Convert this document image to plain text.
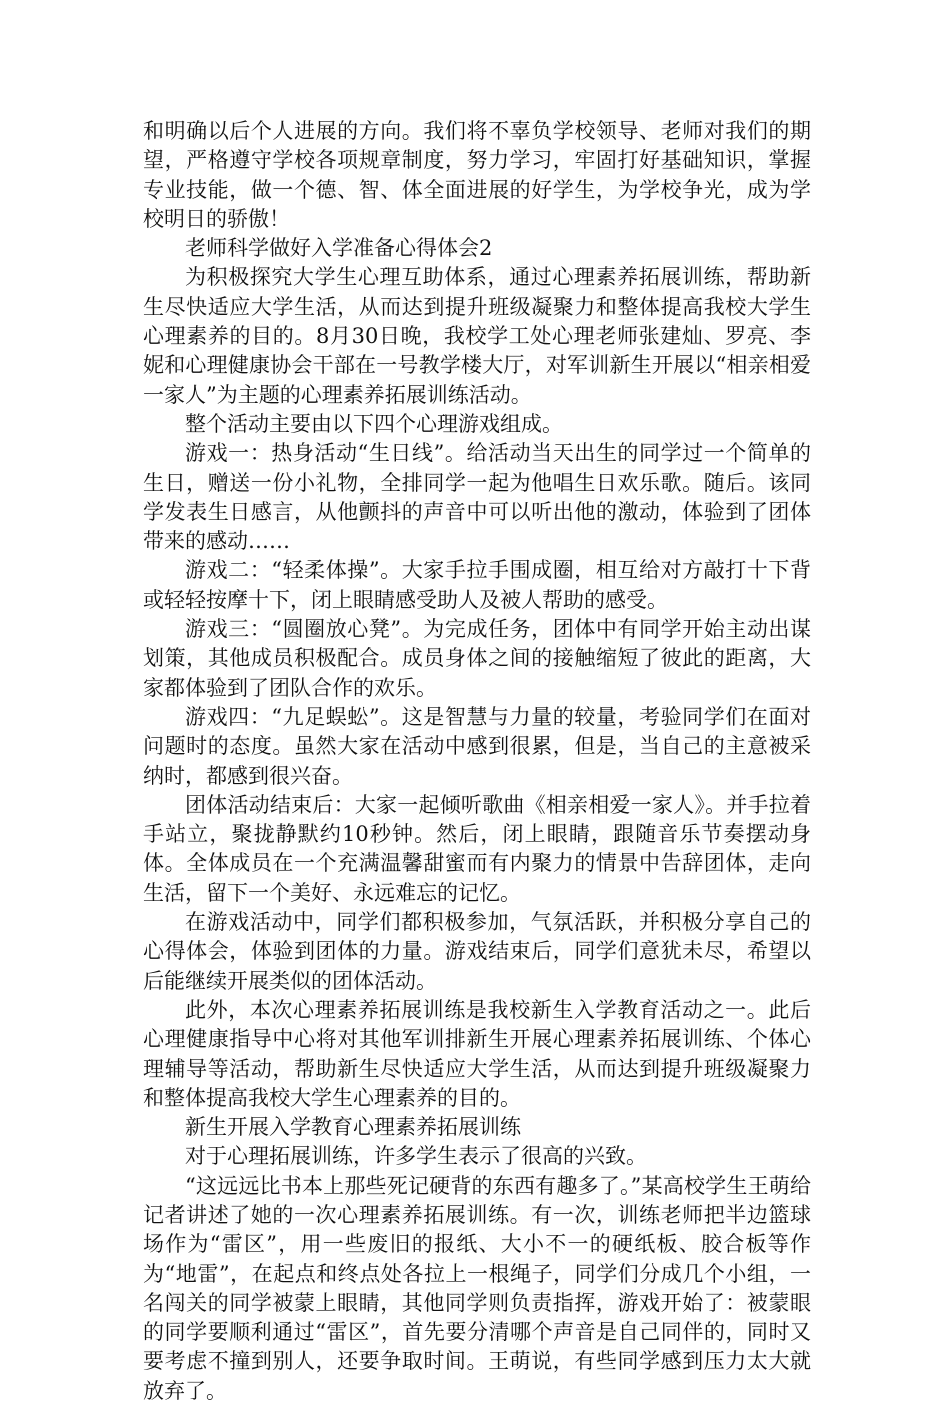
和明确以后个人进展的方向。我们将不辜负学校领导、老师对我们的期望，严格遵守学校各项规章制度，努力学习，牢固打好基础知识，掌握专业技能，做一个德、智、体全面进展的好学生，为学校争光，成为学校明日的骄傲！

老师科学做好入学准备心得体会2

为积极探究大学生心理互助体系，通过心理素养拓展训练，帮助新生尽快适应大学生活，从而达到提升班级凝聚力和整体提高我校大学生心理素养的目的。8月30日晚，我校学工处心理老师张建灿、罗亮、李妮和心理健康协会干部在一号教学楼大厅，对军训新生开展以“相亲相爱一家人”为主题的心理素养拓展训练活动。

整个活动主要由以下四个心理游戏组成。

游戏一：热身活动“生日线”。给活动当天出生的同学过一个简单的生日，赠送一份小礼物，全排同学一起为他唱生日欢乐歌。随后。该同学发表生日感言，从他颤抖的声音中可以听出他的激动，体验到了团体带来的感动……

游戏二：“轻柔体操”。大家手拉手围成圈，相互给对方敲打十下背或轻轻按摩十下，闭上眼睛感受助人及被人帮助的感受。

游戏三：“圆圈放心凳”。为完成任务，团体中有同学开始主动出谋划策，其他成员积极配合。成员身体之间的接触缩短了彼此的距离，大家都体验到了团队合作的欢乐。

游戏四：“九足蜈蚣”。这是智慧与力量的较量，考验同学们在面对问题时的态度。虽然大家在活动中感到很累，但是，当自己的主意被采纳时，都感到很兴奋。

团体活动结束后：大家一起倾听歌曲《相亲相爱一家人》。并手拉着手站立，聚拢静默约10秒钟。然后，闭上眼睛，跟随音乐节奏摆动身体。全体成员在一个充满温馨甜蜜而有内聚力的情景中告辞团体，走向生活，留下一个美好、永远难忘的记忆。

在游戏活动中，同学们都积极参加，气氛活跃，并积极分享自己的心得体会，体验到团体的力量。游戏结束后，同学们意犹未尽，希望以后能继续开展类似的团体活动。

此外，本次心理素养拓展训练是我校新生入学教育活动之一。此后心理健康指导中心将对其他军训排新生开展心理素养拓展训练、个体心理辅导等活动，帮助新生尽快适应大学生活，从而达到提升班级凝聚力和整体提高我校大学生心理素养的目的。

新生开展入学教育心理素养拓展训练

对于心理拓展训练，许多学生表示了很高的兴致。

“这远远比书本上那些死记硬背的东西有趣多了。”某高校学生王萌给记者讲述了她的一次心理素养拓展训练。有一次，训练老师把半边篮球场作为“雷区”，用一些废旧的报纸、大小不一的硬纸板、胶合板等作为“地雷”，在起点和终点处各拉上一根绳子，同学们分成几个小组，一名闯关的同学被蒙上眼睛，其他同学则负责指挥，游戏开始了：被蒙眼的同学要顺利通过“雷区”，首先要分清哪个声音是自己同伴的，同时又要考虑不撞到别人，还要争取时间。王萌说，有些同学感到压力太大就放弃了。
